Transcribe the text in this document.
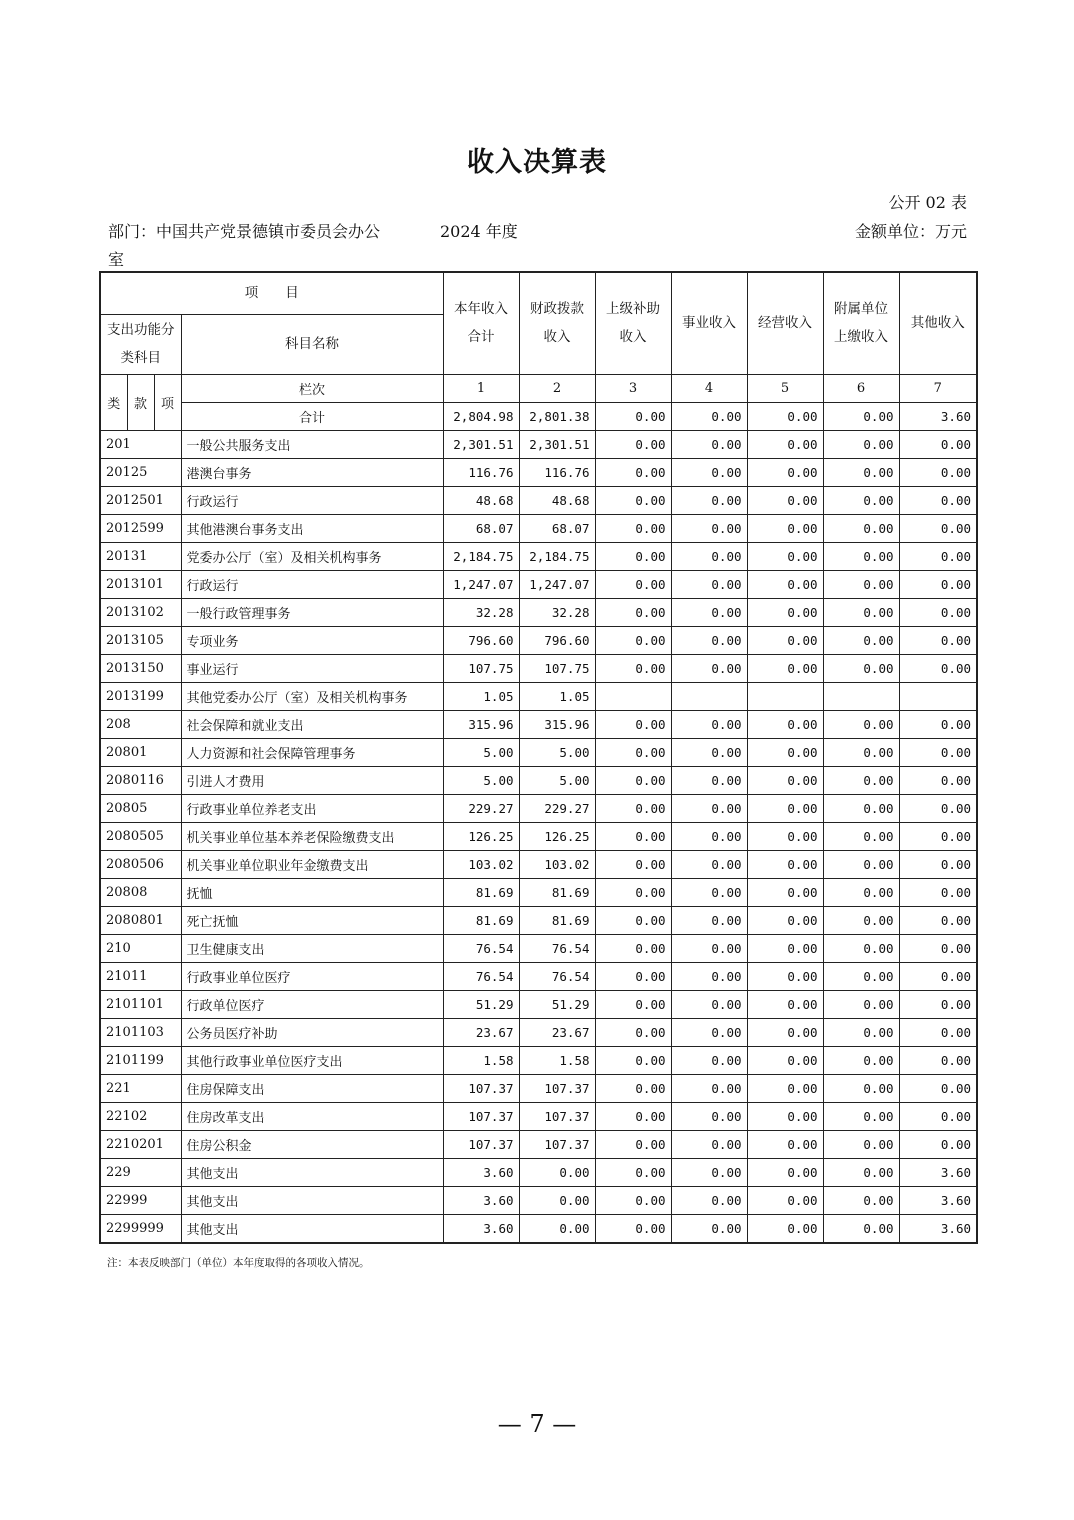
收入决算表
公开 02 表
部门：中国共产党景德镇市委员会办公室
2024 年度	金额单位：万元
项　　目				本年收入合计	财政拨款收入	上级补助收入	事业收入	经营收入	附属单位上缴收入	其他收入
支出功能分类科目			科目名称							
类	款	项	栏次	1	2	3	4	5	6	7
			合计	2,804.98	2,801.38	0.00	0.00	0.00	0.00	3.60
201			一般公共服务支出	2,301.51	2,301.51	0.00	0.00	0.00	0.00	0.00
20125			港澳台事务	116.76	116.76	0.00	0.00	0.00	0.00	0.00
2012501			行政运行	48.68	48.68	0.00	0.00	0.00	0.00	0.00
2012599			其他港澳台事务支出	68.07	68.07	0.00	0.00	0.00	0.00	0.00
20131			党委办公厅（室）及相关机构事务	2,184.75	2,184.75	0.00	0.00	0.00	0.00	0.00
2013101			行政运行	1,247.07	1,247.07	0.00	0.00	0.00	0.00	0.00
2013102			一般行政管理事务	32.28	32.28	0.00	0.00	0.00	0.00	0.00
2013105			专项业务	796.60	796.60	0.00	0.00	0.00	0.00	0.00
2013150			事业运行	107.75	107.75	0.00	0.00	0.00	0.00	0.00
2013199			其他党委办公厅（室）及相关机构事务	1.05	1.05					
208			社会保障和就业支出	315.96	315.96	0.00	0.00	0.00	0.00	0.00
20801			人力资源和社会保障管理事务	5.00	5.00	0.00	0.00	0.00	0.00	0.00
2080116			引进人才费用	5.00	5.00	0.00	0.00	0.00	0.00	0.00
20805			行政事业单位养老支出	229.27	229.27	0.00	0.00	0.00	0.00	0.00
2080505			机关事业单位基本养老保险缴费支出	126.25	126.25	0.00	0.00	0.00	0.00	0.00
2080506			机关事业单位职业年金缴费支出	103.02	103.02	0.00	0.00	0.00	0.00	0.00
20808			抚恤	81.69	81.69	0.00	0.00	0.00	0.00	0.00
2080801			死亡抚恤	81.69	81.69	0.00	0.00	0.00	0.00	0.00
210			卫生健康支出	76.54	76.54	0.00	0.00	0.00	0.00	0.00
21011			行政事业单位医疗	76.54	76.54	0.00	0.00	0.00	0.00	0.00
2101101			行政单位医疗	51.29	51.29	0.00	0.00	0.00	0.00	0.00
2101103			公务员医疗补助	23.67	23.67	0.00	0.00	0.00	0.00	0.00
2101199			其他行政事业单位医疗支出	1.58	1.58	0.00	0.00	0.00	0.00	0.00
221			住房保障支出	107.37	107.37	0.00	0.00	0.00	0.00	0.00
22102			住房改革支出	107.37	107.37	0.00	0.00	0.00	0.00	0.00
2210201			住房公积金	107.37	107.37	0.00	0.00	0.00	0.00	0.00
229			其他支出	3.60	0.00	0.00	0.00	0.00	0.00	3.60
22999			其他支出	3.60	0.00	0.00	0.00	0.00	0.00	3.60
2299999			其他支出	3.60	0.00	0.00	0.00	0.00	0.00	3.60
注：本表反映部门（单位）本年度取得的各项收入情况。
— 7 —
